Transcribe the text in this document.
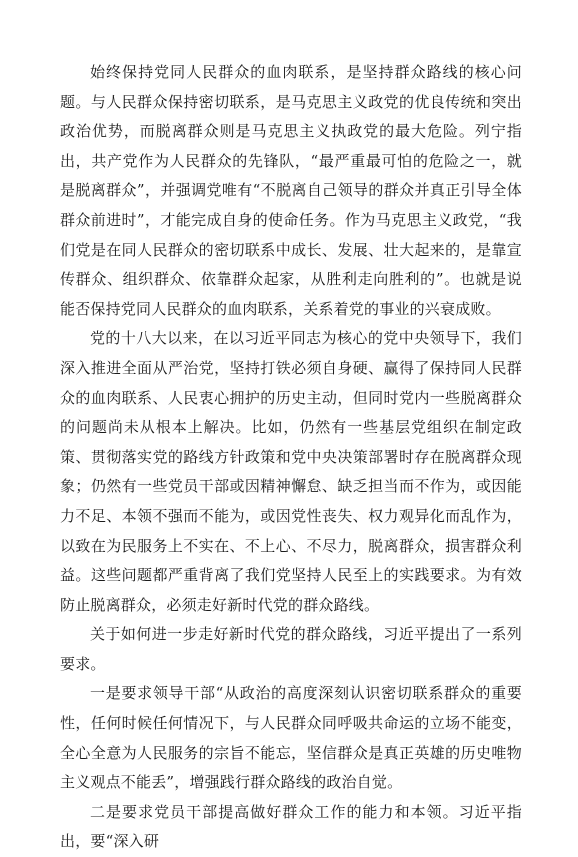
始终保持党同人民群众的血肉联系，是坚持群众路线的核心问题。与人民群众保持密切联系，是马克思主义政党的优良传统和突出政治优势，而脱离群众则是马克思主义执政党的最大危险。列宁指出，共产党作为人民群众的先锋队，“最严重最可怕的危险之一，就是脱离群众”，并强调党唯有“不脱离自己领导的群众并真正引导全体群众前进时”，才能完成自身的使命任务。作为马克思主义政党，“我们党是在同人民群众的密切联系中成长、发展、壮大起来的，是靠宣传群众、组织群众、依靠群众起家，从胜利走向胜利的”。也就是说能否保持党同人民群众的血肉联系，关系着党的事业的兴衰成败。

党的十八大以来，在以习近平同志为核心的党中央领导下，我们深入推进全面从严治党，坚持打铁必须自身硬、赢得了保持同人民群众的血肉联系、人民衷心拥护的历史主动，但同时党内一些脱离群众的问题尚未从根本上解决。比如，仍然有一些基层党组织在制定政策、贯彻落实党的路线方针政策和党中央决策部署时存在脱离群众现象；仍然有一些党员干部或因精神懈怠、缺乏担当而不作为，或因能力不足、本领不强而不能为，或因党性丧失、权力观异化而乱作为，以致在为民服务上不实在、不上心、不尽力，脱离群众，损害群众利益。这些问题都严重背离了我们党坚持人民至上的实践要求。为有效防止脱离群众，必须走好新时代党的群众路线。

关于如何进一步走好新时代党的群众路线，习近平提出了一系列要求。

一是要求领导干部“从政治的高度深刻认识密切联系群众的重要性，任何时候任何情况下，与人民群众同呼吸共命运的立场不能变，全心全意为人民服务的宗旨不能忘，坚信群众是真正英雄的历史唯物主义观点不能丢”，增强践行群众路线的政治自觉。

二是要求党员干部提高做好群众工作的能力和本领。习近平指出，要“深入研
